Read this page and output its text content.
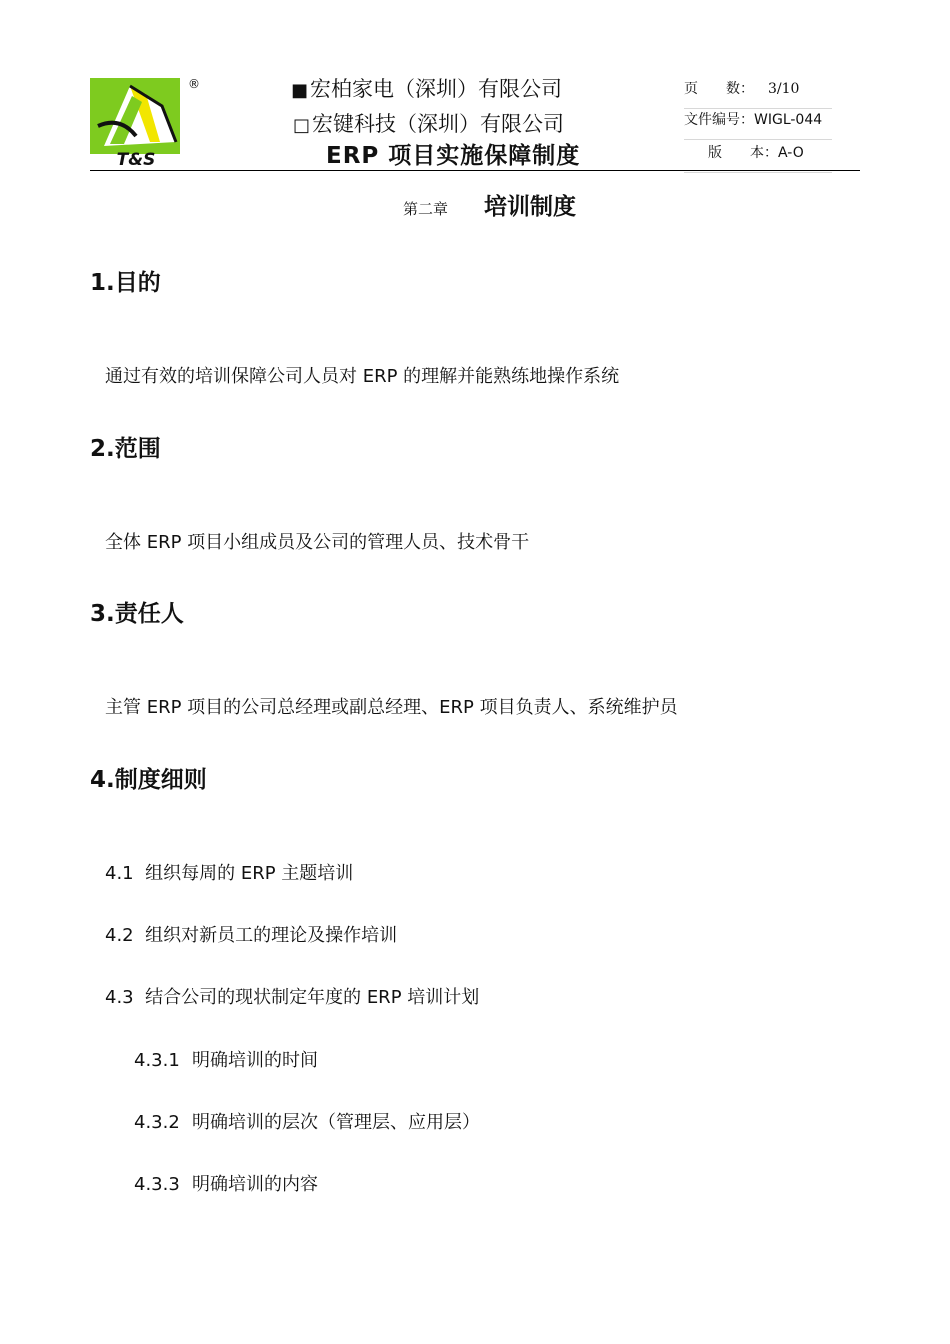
T&S
®	■宏柏家电（深圳）有限公司
□宏键科技（深圳）有限公司
ERP 项目实施保障制度
页　　数： 3/10
文件编号：WIGL-044
版　　本：A-O
第二章 培训制度
1.目的
通过有效的培训保障公司人员对 ERP 的理解并能熟练地操作系统
2.范围
全体 ERP 项目小组成员及公司的管理人员、技术骨干
3.责任人
主管 ERP 项目的公司总经理或副总经理、ERP 项目负责人、系统维护员
4.制度细则
4.1 组织每周的 ERP 主题培训
4.2 组织对新员工的理论及操作培训
4.3 结合公司的现状制定年度的 ERP 培训计划
4.3.1 明确培训的时间
4.3.2 明确培训的层次（管理层、应用层）
4.3.3 明确培训的内容
